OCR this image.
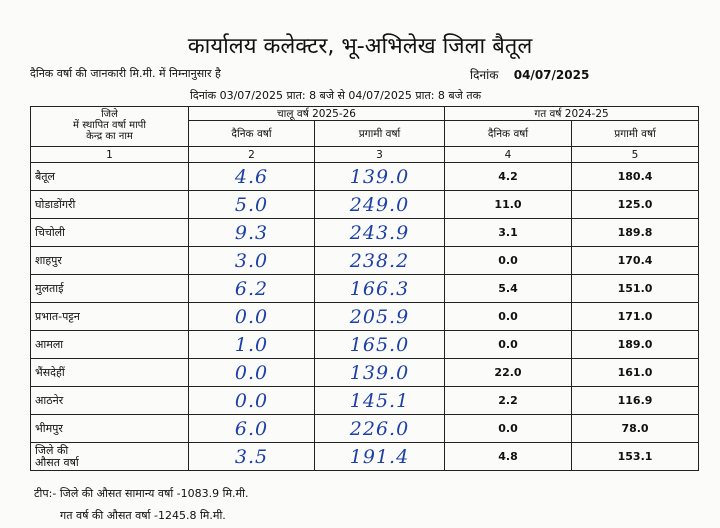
कार्यालय कलेक्टर, भू-अभिलेख जिला बैतूल
दैनिक वर्षा की जानकारी मि.मी. में निम्नानुसार है	दिनांक 04/07/2025
दिनांक 03/07/2025 प्रात: 8 बजे से 04/07/2025 प्रात: 8 बजे तक
जिले
में स्थापित वर्षा मापी
केन्द्र का नाम	चालू वर्ष 2025-26		गत वर्ष 2024-25	
	दैनिक वर्षा	प्रगामी वर्षा	दैनिक वर्षा	प्रगामी वर्षा
1	2	3	4	5
बैतूल	4.6	139.0	4.2	180.4
घोडाडोंगरी	5.0	249.0	11.0	125.0
चिचोली	9.3	243.9	3.1	189.8
शाहपुर	3.0	238.2	0.0	170.4
मुलताई	6.2	166.3	5.4	151.0
प्रभात-पट्टन	0.0	205.9	0.0	171.0
आमला	1.0	165.0	0.0	189.0
भैंसदेहीं	0.0	139.0	22.0	161.0
आठनेर	0.0	145.1	2.2	116.9
भीमपुर	6.0	226.0	0.0	78.0
जिले की
औसत वर्षा	3.5	191.4	4.8	153.1
टीप:- जिले की औसत सामान्य वर्षा -1083.9 मि.मी.
गत वर्ष की औसत वर्षा -1245.8 मि.मी.
